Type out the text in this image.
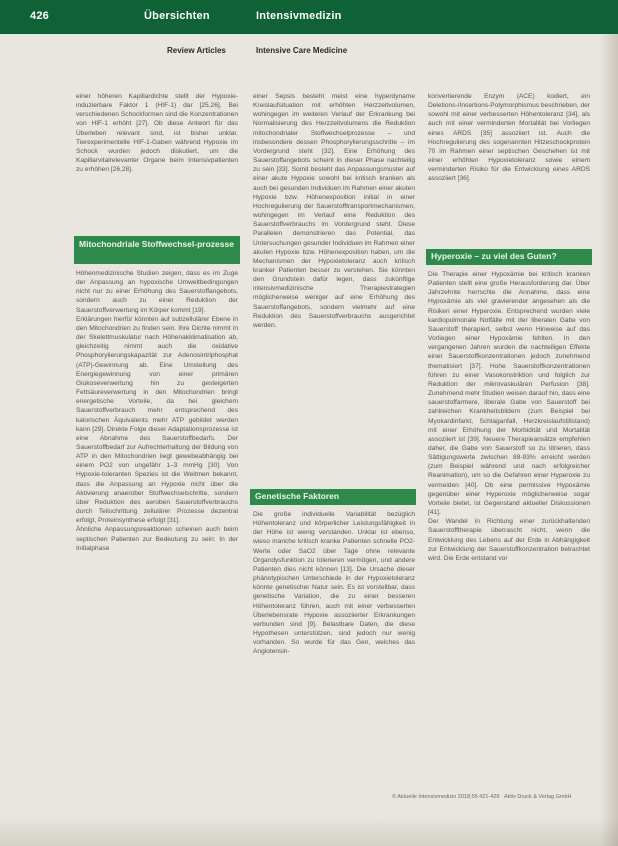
426	Übersichten	Intensivmedizin
Review Articles	Intensive Care Medicine

einer höheren Kapillardichte stellt der Hypoxie-induzierbare Faktor 1 (HIF-1) dar [25,26]. Bei verschiedenen Schockformen sind die Konzentrationen von HIF-1 erhöht [27]. Ob diese Antwort für das Überleben relevant sind, ist bisher unklar. Tierexperimentelle HIF-1-Gaben während Hypoxie im Schock wurden jedoch diskutiert, um die Kapillarvitalrelevanter Organe beim Intensivpatienten zu erhöhen [26,28].

Mitochondriale Stoffwechsel-prozesse

Höhenmedizinische Studien zeigen, dass es im Zuge der Anpassung an hypoxische Umweltbedingungen nicht nur zu einer Erhöhung des Sauerstoffangebots, sondern auch zu einer Reduktion der Sauerstoffverwertung im Körper kommt [19].

Erklärungen hierfür könnten auf subzellulärer Ebene in den Mitochondrien zu finden sein. Ihre Dichte nimmt in der Skelettmuskulatur nach Höhenakklimatisation ab, gleichzeitig nimmt auch die oxidative Phosphorylierungskapazität zur Adenosintriphosphat (ATP)-Gewinnung ab. Eine Umstellung des Energiegewinnung von einer primären Glukoseverwertung hin zu gesteigerten Fettsäureverwertung in den Mitochondrien bringt energetische Vorteile, da bei gleichem Sauerstoffverbrauch mehr entsprechend des kalorischen Äquivalents mehr ATP gebildet werden kann [29]. Direkte Folge dieser Adaptationsprozesse ist eine Abnahme des Sauerstoffbedarfs. Der Sauerstoffbedarf zur Aufrechterhaltung der Bildung von ATP in den Mitochondrien liegt gewebeabhängig bei einem PO2 von ungefähr 1–3 mmHg [30]. Von Hypoxie-toleranten Spezies ist die Weitmen bekannt, dass die Anpassung an Hypoxie nicht über die Aktivierung anaerober Stoffwechselschritte, sondern über Reduktion des aeroben Sauerstoffverbrauchs durch Teilschrittung zellulärer Prozesse dezentral erfolgt, Proteinsynthese erfolgt [31].

Ähnliche Anpassungsreaktionen scheinen auch beim septischen Patienten zur Bedeutung zu sein: In der Initialphase

einer Sepsis besteht meist eine hyperdyname Kreislaufsituation mit erhöhten Herzzeitvolumen, wohingegen im weiteren Verlauf der Erkrankung bei Normalisierung des Herzzeitvolumens die Reduktion mitochondrialer Stoffwechselprozesse – und insbesondere dessen Phosphorylierungsschritte – im Vordergrund steht [32]. Eine Erhöhung des Sauerstoffangebots scheint in dieser Phase nachteilig zu sein [33]. Somit besteht das Anpassungsmuster auf einer akute Hypoxie sowohl bei kritisch kranken als auch bei gesunden Individuen im Rahmen einer akuten Hypoxie bzw. Höhenexposition initial in einer Hochregulierung der Sauerstofftransportmechanismen, wohingegen im Verlauf eine Reduktion des Sauerstoffverbrauchs im Vordergrund steht. Diese Parallelen demonstrieren das Potential, das Untersuchungen gesunder Individuen im Rahmen einer akuten Hypoxie bzw. Höhenexposition haben, um die Mechanismen der Hypoxietoleranz auch kritisch kranker Patienten besser zu verstehen. Sie könnten den Grundstein dafür legen, dass zukünftige intensivmedizinische Therapiestrategien möglicherweise weniger auf eine Erhöhung des Sauerstoffangebots, sondern vielmehr auf eine Reduktion des Sauerstoffverbrauchs ausgerichtet werden.

Genetische Faktoren

Die große individuelle Variabilität bezüglich Höhentoleranz und körperlicher Leistungsfähigkeit in der Höhe ist wenig verstanden. Unklar ist ebenso, wieso manche kritisch kranke Patienten schnelle PO2-Werte oder SaO2 über Tage ohne relevante Organdysfunktion zu tolerieren vermögen, und andere Patienten dies nicht können [13]. Die Ursache dieser phänotypischen Unterschiede in der Hypoxietoleranz könnte genetischer Natur sein. Es ist vorstellbar, dass genetische Variation, die zu einer besseren Höhentoleranz führen, auch mit einer verbesserten Überlebensrate Hypoxie assoziierter Erkrankungen verbunden sind [9]. Belastbare Daten, die diese Hypothesen unterstützen, sind jedoch nur wenig vorhanden. So wurde für das Gen, welches das Angiotensin-

konvertierende Enzym (ACE) kodiert, ein Deletions-/Insertions-Polymorphismus beschrieben, der sowohl mit einer verbesserten Höhentoleranz [34], als auch mit einer verminderten Mortalität bei Vorliegen eines ARDS [35] assoziiert ist. Auch die Hochregulierung des sogenannten Hitzeschockprotein 70 im Rahmen einer septischen Geschehen ist mit einer erhöhten Hypoxietoleranz sowie einem verminderten Risiko für die Entwicklung eines ARDS assoziiert [36].

Hyperoxie – zu viel des Guten?

Die Therapie einer Hypoxämie bei kritisch kranken Patienten stellt eine große Herausforderung dar. Über Jahrzehnte herrschte die Annahme, dass eine Hypoxämie als viel gravierender angesehen als die Risiken einer Hyperoxie. Entsprechend wurden viele kardiopulmonale Notfälle mit der liberalen Gabe von Sauerstoff therapiert, selbst wenn Hinweise auf das Vorliegen einer Hypoxämie fehlten. In den vergangenen Jahren wurden die nachteiligen Effekte einer Sauerstoffkonzentrationen jedoch zunehmend thematisiert [37]. Hohe Sauerstoffkonzentrationen führen zu einer Vasokonstriktion und folglich zur Reduktion der mikrovaskulären Perfusion [38]. Zunehmend mehr Studien weisen darauf hin, dass eine sauerstoffarmere, liberale Gabe von Sauerstoff bei zahlreichen Krankheitsbildern (zum Beispiel bei Myokardinfarkt, Schlaganfall, Herzkreislaufstillstand) mit einer Erhöhung der Morbidität und Mortalität assoziiert ist [39]. Neuere Therapieansätze empfehlen daher, die Gabe von Sauerstoff so zu titrieren, dass Sättigungswerte zwischen 88-93% erreicht werden (zum Beispiel während und nach erfolgreicher Reanimation), um so die Gefahren einer Hyperoxie zu vermeiden [40]. Ob eine permissive Hypoxämie gegenüber einer Hyperoxie möglicherweise sogar Vorteile bietet, ist Gegenstand aktueller Diskussionen [41].

Der Wandel in Richtung einer zurückhaltenden Sauerstofftherapie überrascht nicht, wenn die Entwicklung des Lebens auf der Erde in Abhängigkeit zur Entwicklung der Sauerstoffkonzentration betrachtet wird. Die Erde entstand vor

© Aktuelle Intensivmedizin 2018;55:421-428 · Aktiv Druck & Verlag GmbH
